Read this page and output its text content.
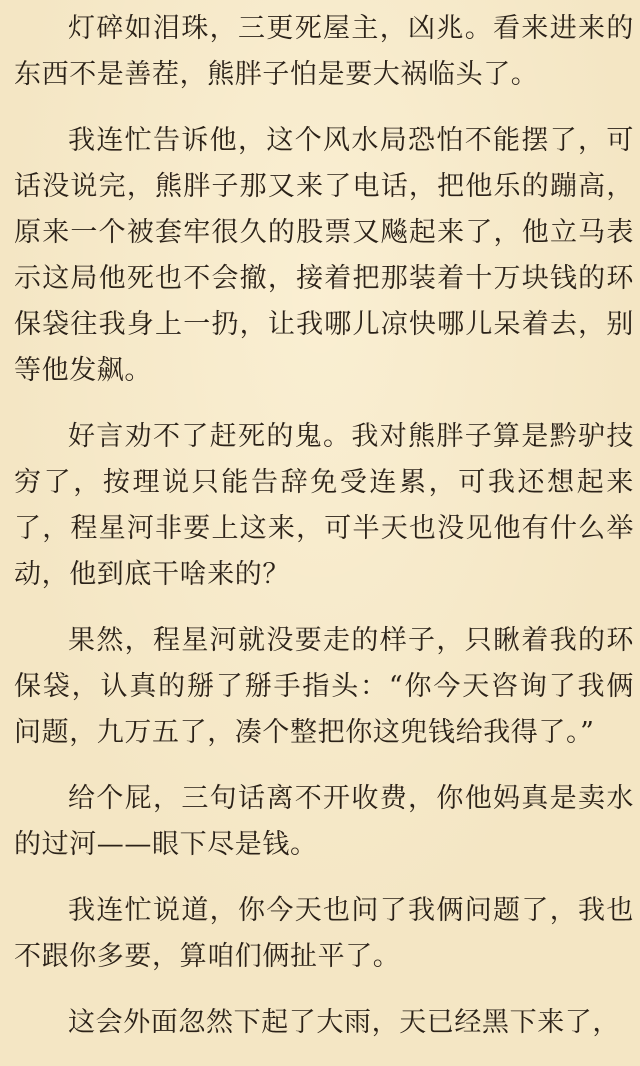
灯碎如泪珠，三更死屋主，凶兆。看来进来的东西不是善茬，熊胖子怕是要大祸临头了。

我连忙告诉他，这个风水局恐怕不能摆了，可话没说完，熊胖子那又来了电话，把他乐的蹦高，原来一个被套牢很久的股票又飚起来了，他立马表示这局他死也不会撤，接着把那装着十万块钱的环保袋往我身上一扔，让我哪儿凉快哪儿呆着去，别等他发飙。

好言劝不了赶死的鬼。我对熊胖子算是黔驴技穷了，按理说只能告辞免受连累，可我还想起来了，程星河非要上这来，可半天也没见他有什么举动，他到底干啥来的？

果然，程星河就没要走的样子，只瞅着我的环保袋，认真的掰了掰手指头：“你今天咨询了我俩问题，九万五了，凑个整把你这兜钱给我得了。”

给个屁，三句话离不开收费，你他妈真是卖水的过河——眼下尽是钱。

我连忙说道，你今天也问了我俩问题了，我也不跟你多要，算咱们俩扯平了。

这会外面忽然下起了大雨，天已经黑下来了，
